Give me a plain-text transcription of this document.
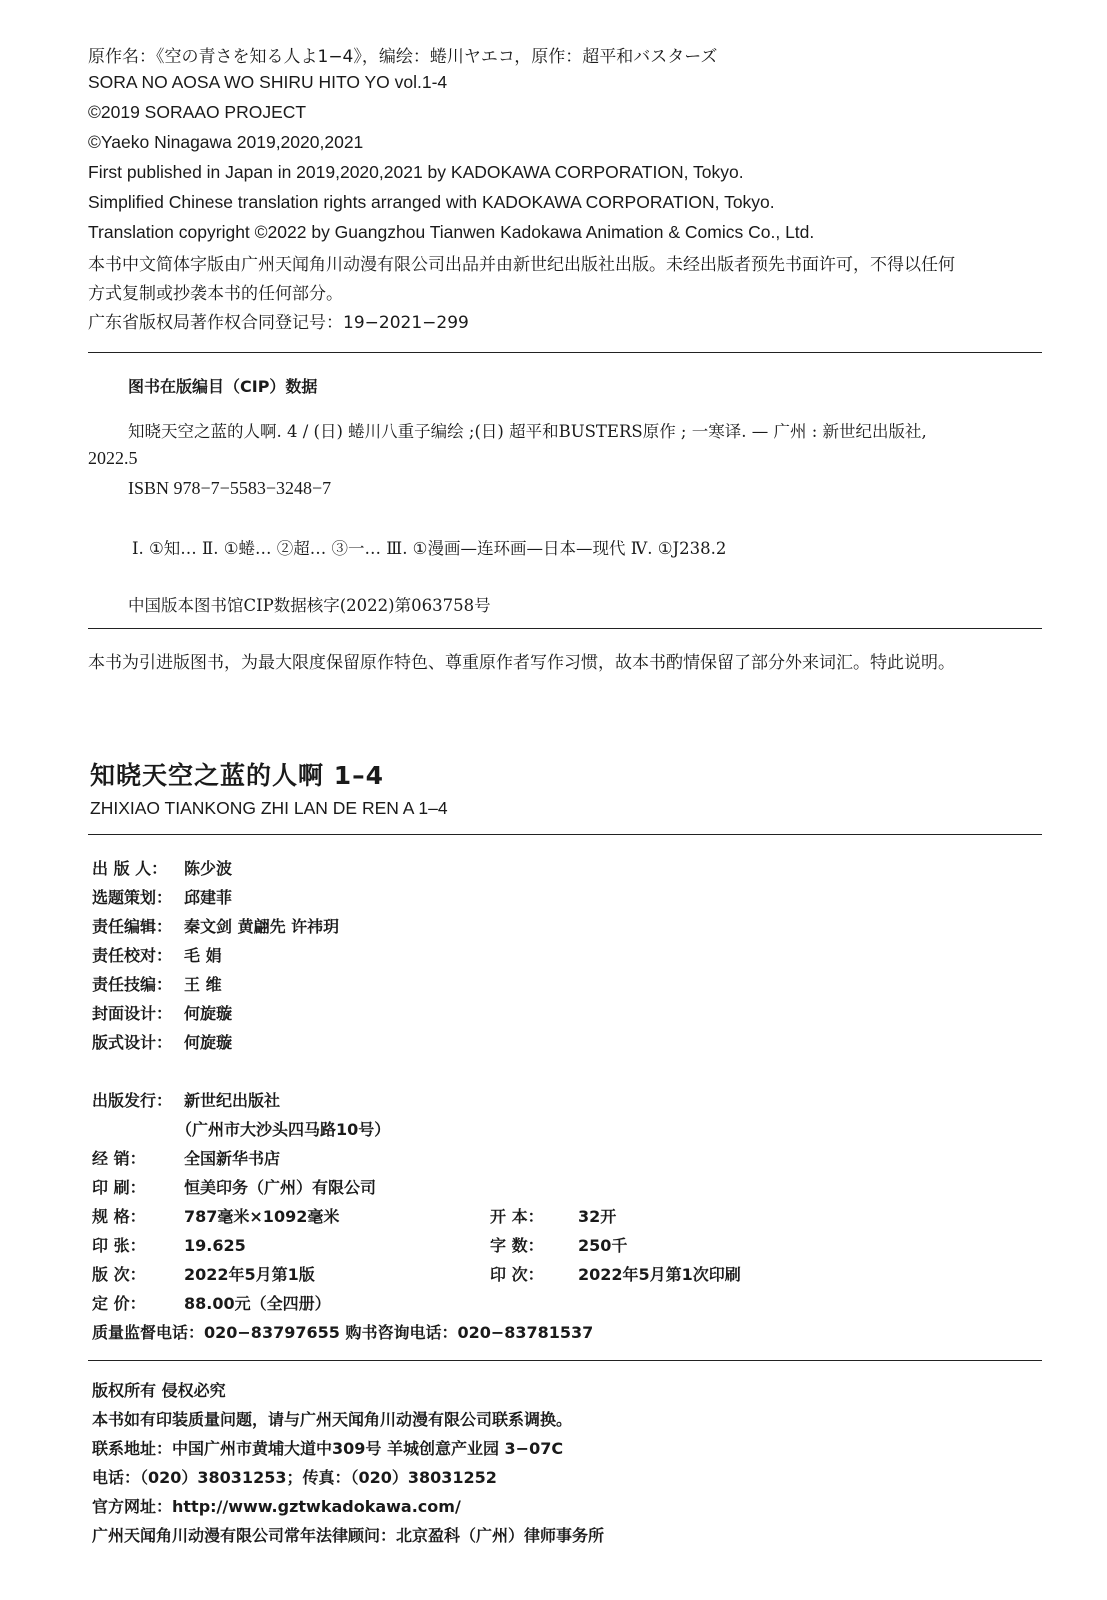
原作名：《空の青さを知る人よ1−4》，编绘：蜷川ヤエコ，原作：超平和バスターズ
SORA NO AOSA WO SHIRU HITO YO vol.1-4
©2019 SORAAO PROJECT
©Yaeko Ninagawa 2019,2020,2021
First published in Japan in 2019,2020,2021 by KADOKAWA CORPORATION, Tokyo.
Simplified Chinese translation rights arranged with KADOKAWA CORPORATION, Tokyo.
Translation copyright ©2022 by Guangzhou Tianwen Kadokawa Animation & Comics Co., Ltd.
本书中文简体字版由广州天闻角川动漫有限公司出品并由新世纪出版社出版。未经出版者预先书面许可，不得以任何
方式复制或抄袭本书的任何部分。
广东省版权局著作权合同登记号：19−2021−299
图书在版编目（CIP）数据
知晓天空之蓝的人啊. 4 / (日) 蜷川八重子编绘 ;(日) 超平和BUSTERS原作 ; 一寒译. — 广州 : 新世纪出版社,
2022.5
ISBN 978−7−5583−3248−7
Ⅰ. ①知… Ⅱ. ①蜷… ②超… ③一… Ⅲ. ①漫画—连环画—日本—现代 Ⅳ. ①J238.2
中国版本图书馆CIP数据核字(2022)第063758号
本书为引进版图书，为最大限度保留原作特色、尊重原作者写作习惯，故本书酌情保留了部分外来词汇。特此说明。
知晓天空之蓝的人啊 1–4
ZHIXIAO TIANKONG ZHI LAN DE REN A 1–4
出 版 人： 陈少波
选题策划： 邱建菲
责任编辑： 秦文剑 黄翩先 许祎玥
责任校对： 毛 娟
责任技编： 王 维
封面设计： 何旋璇
版式设计： 何旋璇
出版发行： 新世纪出版社
（广州市大沙头四马路10号）
经 销： 全国新华书店
印 刷： 恒美印务（广州）有限公司
规 格： 787毫米×1092毫米	开 本： 32开
印 张： 19.625	字 数： 250千
版 次： 2022年5月第1版	印 次： 2022年5月第1次印刷
定 价： 88.00元（全四册）
质量监督电话：020−83797655 购书咨询电话：020−83781537
版权所有 侵权必究
本书如有印装质量问题，请与广州天闻角川动漫有限公司联系调换。
联系地址：中国广州市黄埔大道中309号 羊城创意产业园 3−07C
电话：（020）38031253；传真：（020）38031252
官方网址：http://www.gztwkadokawa.com/
广州天闻角川动漫有限公司常年法律顾问：北京盈科（广州）律师事务所
